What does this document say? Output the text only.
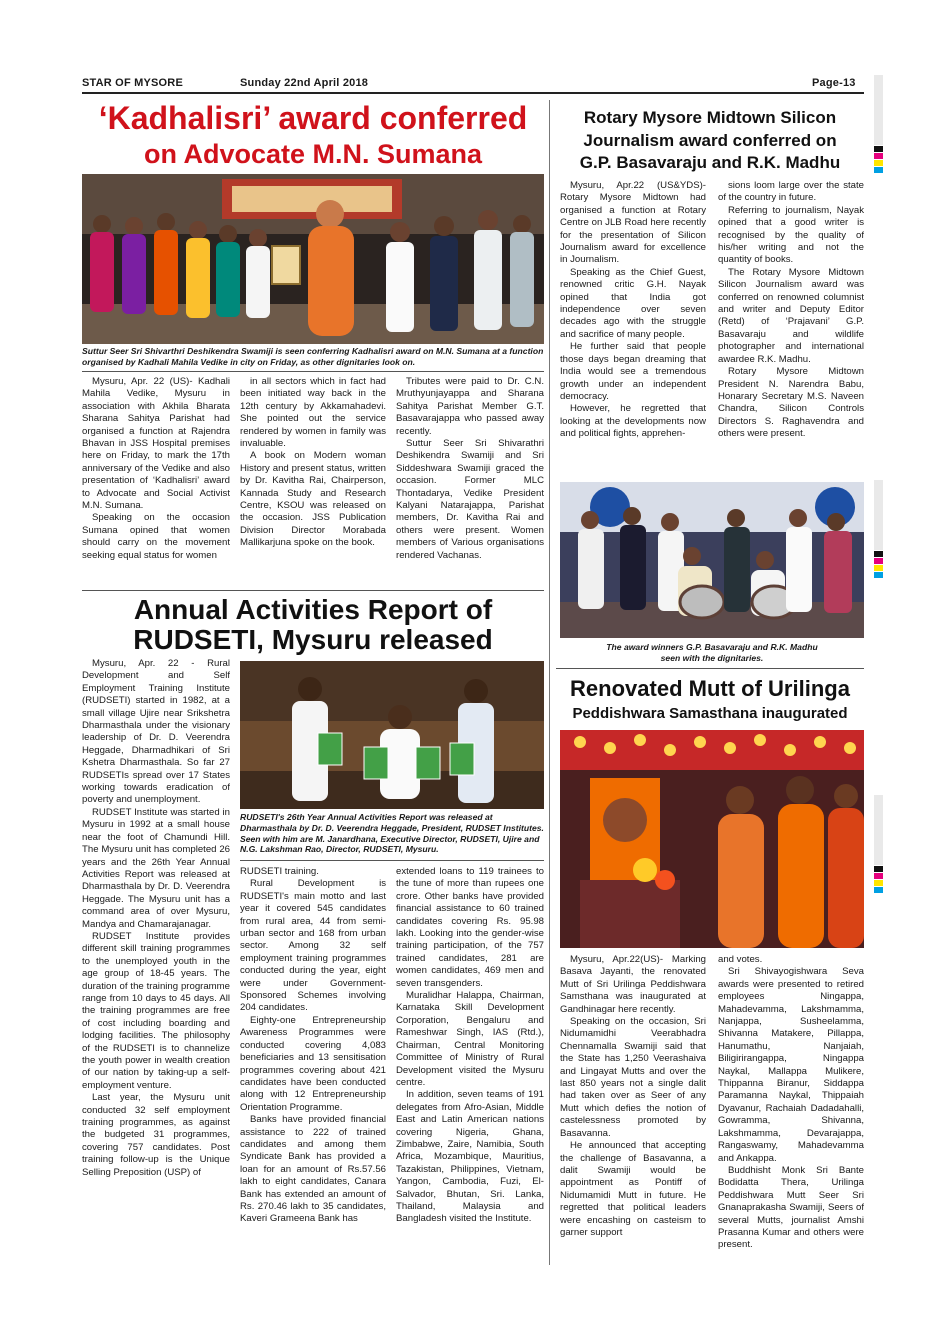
STAR OF MYSORE	Sunday 22nd April 2018	Page-13
‘Kadhalisri’ award conferred
on Advocate M.N. Sumana
Suttur Seer Sri Shivarthri Deshikendra Swamiji is seen conferring Kadhalisri award on M.N. Sumana at a function organised by Kadhali Mahila Vedike in city on Friday, as other dignitaries look on.

Mysuru, Apr. 22 (US)- Kadhali Mahila Vedike, Mysuru in association with Akhila Bharata Sharana Sahitya Parishat had organised a function at Rajendra Bhavan in JSS Hospital premises here on Friday, to mark the 17th anniversary of the Vedike and also presentation of ‘Kadhalisri’ award to Advocate and Social Activist M.N. Sumana.

Speaking on the occasion Sumana opined that women should carry on the movement seeking equal status for women

in all sectors which in fact had been initiated way back in the 12th century by Akkamahadevi. She pointed out the service rendered by women in family was invaluable.

A book on Modern woman History and present status, written by Dr. Kavitha Rai, Chairperson, Kannada Study and Research Centre, KSOU was released on the occasion. JSS Publication Division Director Morabada Mallikarjuna spoke on the book.

Tributes were paid to Dr. C.N. Mruthyunjayappa and Sharana Sahitya Parishat Member G.T. Basavarajappa who passed away recently.

Suttur Seer Sri Shivarathri Deshikendra Swamiji and Sri Siddeshwara Swamiji graced the occasion. Former MLC Thontadarya, Vedike President Kalyani Natarajappa, Parishat members, Dr. Kavitha Rai and others were present. Women members of Various organisations rendered Vachanas.

Rotary Mysore Midtown Silicon
Journalism award conferred on
G.P. Basavaraju and R.K. Madhu

Mysuru, Apr.22 (US&YDS)- Rotary Mysore Midtown had organised a function at Rotary Centre on JLB Road here recently for the presentation of Silicon Journalism award for excellence in Journalism.

Speaking as the Chief Guest, renowned critic G.H. Nayak opined that India got independence over seven decades ago with the struggle and sacrifice of many people.

He further said that people those days began dreaming that India would see a tremendous growth under an independent democracy.

However, he regretted that looking at the developments now and political fights, apprehen-

sions loom large over the state of the country in future.

Referring to journalism, Nayak opined that a good writer is recognised by the quality of his/her writing and not the quantity of books.

The Rotary Mysore Midtown Silicon Journalism award was conferred on renowned columnist and writer and Deputy Editor (Retd) of ‘Prajavani’ G.P. Basavaraju and wildlife photographer and international awardee R.K. Madhu.

Rotary Mysore Midtown President N. Narendra Babu, Honarary Secretary M.S. Naveen Chandra, Silicon Controls Directors S. Raghavendra and others were present.

The award winners G.P. Basavaraju and R.K. Madhu
seen with the dignitaries.
Annual Activities Report of
RUDSETI, Mysuru released

Mysuru, Apr. 22 - Rural Development and Self Employment Training Institute (RUDSETI) started in 1982, at a small village Ujire near Srikshetra Dharmasthala under the visionary leadership of Dr. D. Veerendra Heggade, Dharmadhikari of Sri Kshetra Dharmasthala. So far 27 RUDSETIs spread over 17 States working towards eradication of poverty and unemployment.

RUDSET Institute was started in Mysuru in 1992 at a small house near the foot of Chamundi Hill. The Mysuru unit has completed 26 years and the 26th Year Annual Activities Report was released at Dharmasthala by Dr. D. Veerendra Heggade. The Mysuru unit has a command area of over Mysuru, Mandya and Chamarajanagar.

RUDSET Institute provides different skill training programmes to the unemployed youth in the age group of 18-45 years. The duration of the training programme range from 10 days to 45 days. All the training programmes are free of cost including boarding and lodging facilities. The philosophy of the RUDSETI is to channelize the youth power in wealth creation of our nation by taking-up a self-employment venture.

Last year, the Mysuru unit conducted 32 self employment training programmes, as against the budgeted 31 programmes, covering 757 candidates. Post training follow-up is the Unique Selling Preposition (USP) of

RUDSETI's 26th Year Annual Activities Report was released at Dharmasthala by Dr. D. Veerendra Heggade, President, RUDSET Institutes. Seen with him are M. Janardhana, Executive Director, RUDSETI, Ujire and N.G. Lakshman Rao, Director, RUDSETI, Mysuru.

RUDSETI training.

Rural Development is RUDSETI's main motto and last year it covered 545 candidates from rural area, 44 from semi-urban sector and 168 from urban sector. Among 32 self employment training programmes conducted during the year, eight were under Government-Sponsored Schemes involving 204 candidates.

Eighty-one Entrepreneurship Awareness Programmes were conducted covering 4,083 beneficiaries and 13 sensitisation programmes covering about 421 candidates have been conducted along with 12 Entrepreneurship Orientation Programme.

Banks have provided financial assistance to 222 of trained candidates and among them Syndicate Bank has provided a loan for an amount of Rs.57.56 lakh to eight candidates, Canara Bank has extended an amount of Rs. 270.46 lakh to 35 candidates, Kaveri Grameena Bank has

extended loans to 119 trainees to the tune of more than rupees one crore. Other banks have provided financial assistance to 60 trained candidates covering Rs. 95.98 lakh. Looking into the gender-wise training participation, of the 757 trained candidates, 281 are women candidates, 469 men and seven transgenders.

Muralidhar Halappa, Chairman, Karnataka Skill Development Corporation, Bengaluru and Rameshwar Singh, IAS (Rtd.), Chairman, Central Monitoring Committee of Ministry of Rural Development visited the Mysuru centre.

In addition, seven teams of 191 delegates from Afro-Asian, Middle East and Latin American nations covering Nigeria, Ghana, Zimbabwe, Zaire, Namibia, South Africa, Mozambique, Mauritius, Tazakistan, Philippines, Vietnam, Yangon, Cambodia, Fuzi, El-Salvador, Bhutan, Sri. Lanka, Thailand, Malaysia and Bangladesh visited the Institute.

Renovated Mutt of Urilinga
Peddishwara Samasthana inaugurated

Mysuru, Apr.22(US)- Marking Basava Jayanti, the renovated Mutt of Sri Urilinga Peddishwara Samsthana was inaugurated at Gandhinagar here recently.

Speaking on the occasion, Sri Nidumamidhi Veerabhadra Chennamalla Swamiji said that the State has 1,250 Veerashaiva and Lingayat Mutts and over the last 850 years not a single dalit had taken over as Seer of any Mutt which defies the notion of castelessness promoted by Basavanna.

He announced that accepting the challenge of Basavanna, a dalit Swamiji would be appointment as Pontiff of Nidumamidi Mutt in future. He regretted that political leaders were encashing on casteism to garner support

and votes.

Sri Shivayogishwara Seva awards were presented to retired employees Ningappa, Mahadevamma, Lakshmamma, Nanjappa, Susheelamma, Shivanna Matakere, Pillappa, Hanumathu, Nanjaiah, Biligirirangappa, Ningappa Naykal, Mallappa Mulikere, Thippanna Biranur, Siddappa Paramanna Naykal, Thippaiah Dyavanur, Rachaiah Dadadahalli, Gowramma, Shivanna, Lakshmamma, Devarajappa, Rangaswamy, Mahadevamma and Ankappa.

Buddhisht Monk Sri Bante Bodidatta Thera, Urilinga Peddishwara Mutt Seer Sri Gnanaprakasha Swamiji, Seers of several Mutts, journalist Amshi Prasanna Kumar and others were present.
